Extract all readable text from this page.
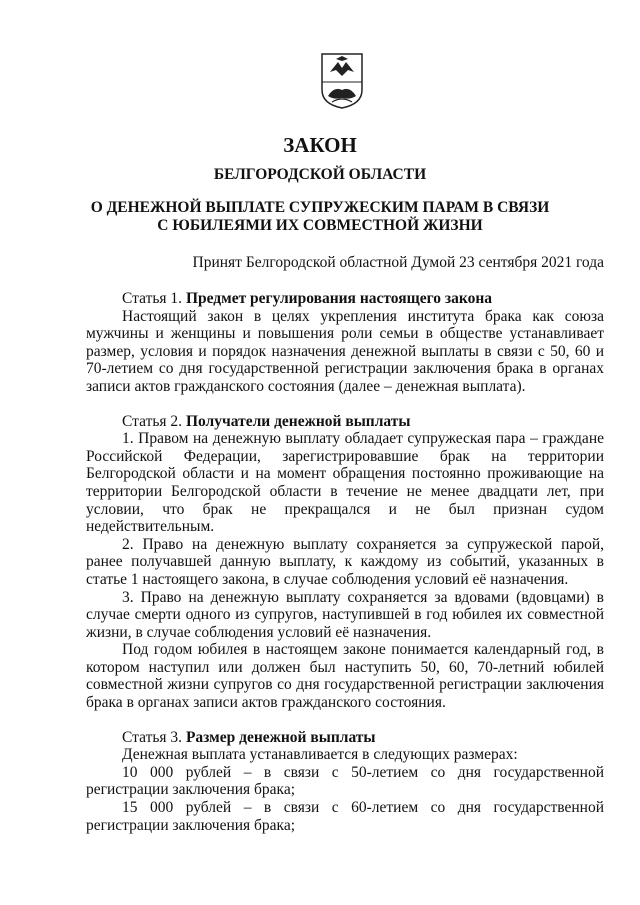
ЗАКОН
БЕЛГОРОДСКОЙ ОБЛАСТИ
О ДЕНЕЖНОЙ ВЫПЛАТЕ СУПРУЖЕСКИМ ПАРАМ В СВЯЗИ
С ЮБИЛЕЯМИ ИХ СОВМЕСТНОЙ ЖИЗНИ
Принят Белгородской областной Думой 23 сентября 2021 года
Статья 1. Предмет регулирования настоящего закона

Настоящий закон в целях укрепления института брака как союза мужчины и женщины и повышения роли семьи в обществе устанавливает размер, условия и порядок назначения денежной выплаты в связи с 50, 60 и 70-летием со дня государственной регистрации заключения брака в органах записи актов гражданского состояния (далее – денежная выплата).

Статья 2. Получатели денежной выплаты

1. Правом на денежную выплату обладает супружеская пара – граждане Российской Федерации, зарегистрировавшие брак на территории Белгородской области и на момент обращения постоянно проживающие на территории Белгородской области в течение не менее двадцати лет, при условии, что брак не прекращался и не был признан судом недействительным.

2. Право на денежную выплату сохраняется за супружеской парой, ранее получавшей данную выплату, к каждому из событий, указанных в статье 1 настоящего закона, в случае соблюдения условий её назначения.

3. Право на денежную выплату сохраняется за вдовами (вдовцами) в случае смерти одного из супругов, наступившей в год юбилея их совместной жизни, в случае соблюдения условий её назначения.

Под годом юбилея в настоящем законе понимается календарный год, в котором наступил или должен был наступить 50, 60, 70-летний юбилей совместной жизни супругов со дня государственной регистрации заключения брака в органах записи актов гражданского состояния.

Статья 3. Размер денежной выплаты

Денежная выплата устанавливается в следующих размерах:

10 000 рублей – в связи с 50-летием со дня государственной регистрации заключения брака;

15 000 рублей – в связи с 60-летием со дня государственной регистрации заключения брака;
